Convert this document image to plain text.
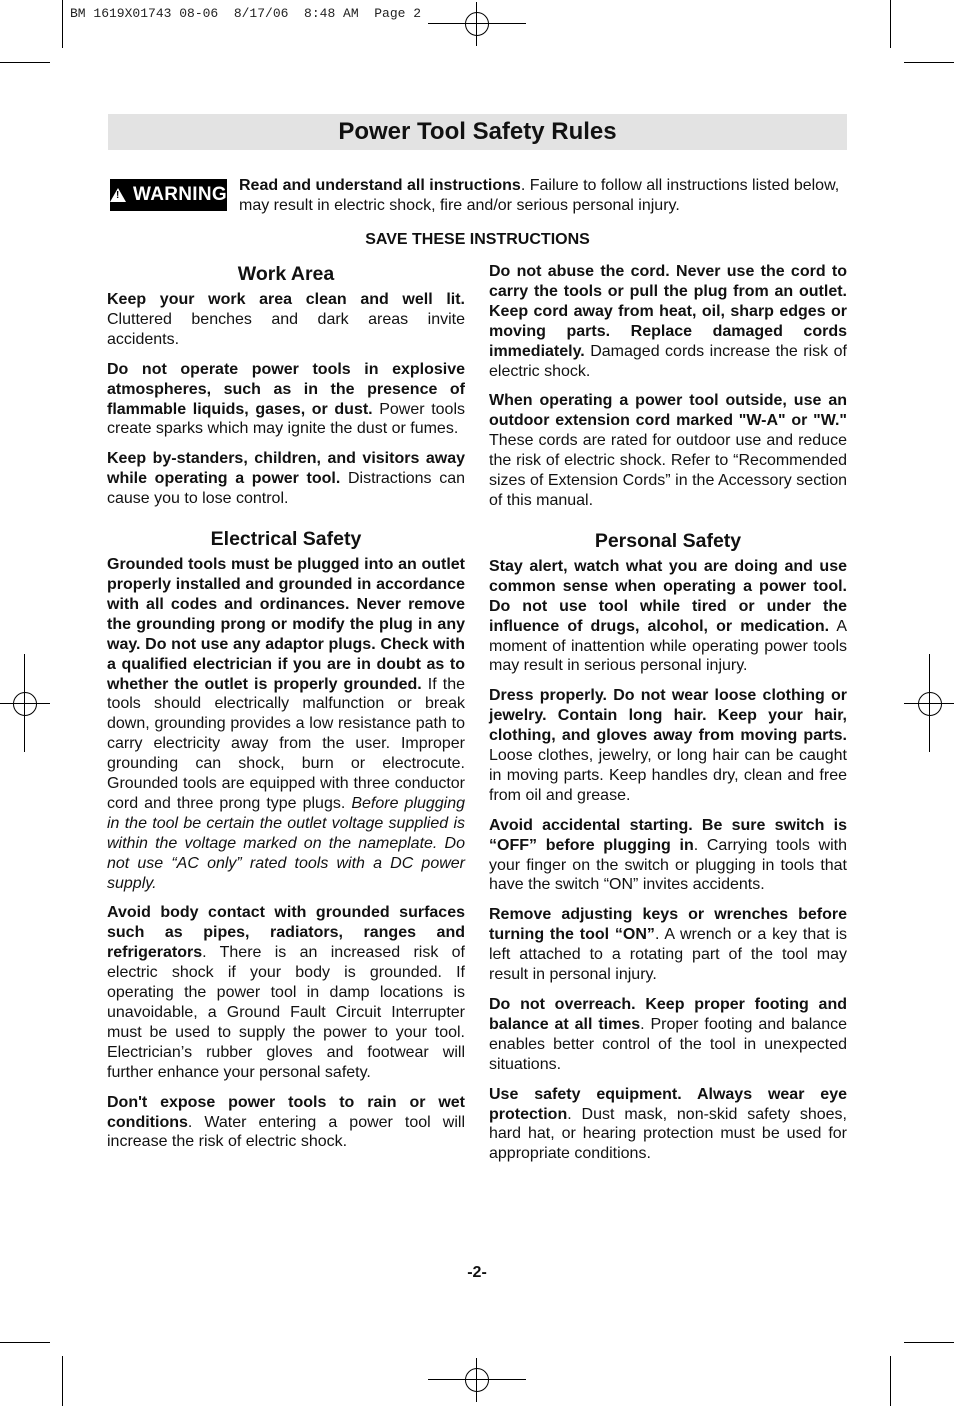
BM 1619X01743 08-06  8/17/06  8:48 AM  Page 2
Power Tool Safety Rules
!
WARNING Read and understand all instructions. Failure to follow all instructions listed below, may result in electric shock, fire and/or serious personal injury.
SAVE THESE INSTRUCTIONS
Work Area

Keep your work area clean and well lit. Cluttered benches and dark areas invite accidents.

Do not operate power tools in explosive atmospheres, such as in the presence of flammable liquids, gases, or dust. Power tools create sparks which may ignite the dust or fumes.

Keep by-standers, children, and visitors away while operating a power tool. Distractions can cause you to lose control.

Electrical Safety

Grounded tools must be plugged into an outlet properly installed and grounded in accordance with all codes and ordinances. Never remove the grounding prong or modify the plug in any way. Do not use any adaptor plugs. Check with a qualified electrician if you are in doubt as to whether the outlet is properly grounded. If the tools should electrically malfunction or break down, grounding provides a low resistance path to carry electricity away from the user. Improper grounding can shock, burn or electrocute. Grounded tools are equipped with three conductor cord and three prong type plugs. Before plugging in the tool be certain the outlet voltage supplied is within the voltage marked on the nameplate. Do not use “AC only” rated tools with a DC power supply.

Avoid body contact with grounded surfaces such as pipes, radiators, ranges and refrigerators. There is an increased risk of electric shock if your body is grounded. If operating the power tool in damp locations is unavoidable, a Ground Fault Circuit Interrupter must be used to supply the power to your tool. Electrician’s rubber gloves and footwear will further enhance your personal safety.

Don't expose power tools to rain or wet conditions. Water entering a power tool will increase the risk of electric shock.

Do not abuse the cord. Never use the cord to carry the tools or pull the plug from an outlet. Keep cord away from heat, oil, sharp edges or moving parts. Replace damaged cords immediately. Damaged cords increase the risk of electric shock.

When operating a power tool outside, use an outdoor extension cord marked "W-A" or "W." These cords are rated for outdoor use and reduce the risk of electric shock. Refer to “Recommended sizes of Extension Cords” in the Accessory section of this manual.

Personal Safety

Stay alert, watch what you are doing and use common sense when operating a power tool. Do not use tool while tired or under the influence of drugs, alcohol, or medication. A moment of inattention while operating power tools may result in serious personal injury.

Dress properly. Do not wear loose clothing or jewelry. Contain long hair. Keep your hair, clothing, and gloves away from moving parts. Loose clothes, jewelry, or long hair can be caught in moving parts. Keep handles dry, clean and free from oil and grease.

Avoid accidental starting. Be sure switch is “OFF” before plugging in. Carrying tools with your finger on the switch or plugging in tools that have the switch “ON” invites accidents.

Remove adjusting keys or wrenches before turning the tool “ON”. A wrench or a key that is left attached to a rotating part of the tool may result in personal injury.

Do not overreach. Keep proper footing and balance at all times. Proper footing and balance enables better control of the tool in unexpected situations.

Use safety equipment. Always wear eye protection. Dust mask, non-skid safety shoes, hard hat, or hearing protection must be used for appropriate conditions.

-2-
